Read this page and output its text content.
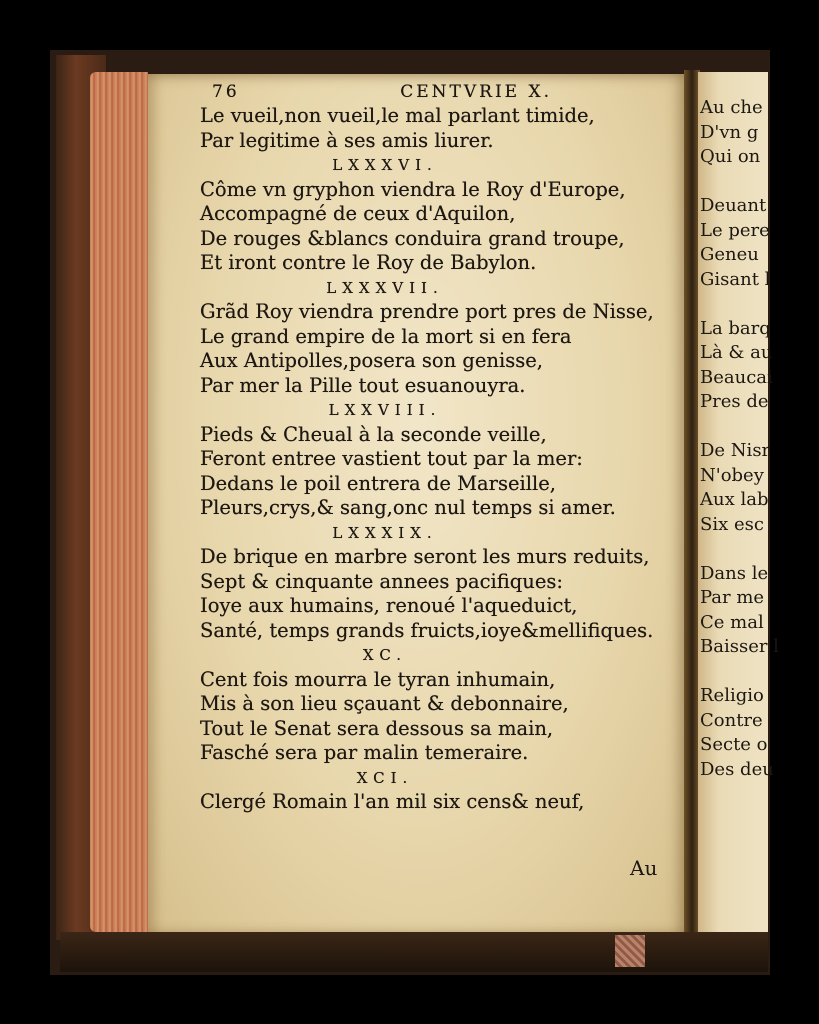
76	CENTVRIE X.
Le vueil,non vueil,le mal parlant timide,
Par legitime à ses amis liurer.
LXXXVI.
Côme vn gryphon viendra le Roy d'Europe,
Accompagné de ceux d'Aquilon,
De rouges &blancs conduira grand troupe,
Et iront contre le Roy de Babylon.
LXXXVII.
Grãd Roy viendra prendre port pres de Nisse,
Le grand empire de la mort si en fera
Aux Antipolles,posera son genisse,
Par mer la Pille tout esuanouyra.
LXXVIII.
Pieds & Cheual à la seconde veille,
Feront entree vastient tout par la mer:
Dedans le poil entrera de Marseille,
Pleurs,crys,& sang,onc nul temps si amer.
LXXXIX.
De brique en marbre seront les murs reduits,
Sept & cinquante annees pacifiques:
Ioye aux humains, renoué l'aqueduict,
Santé, temps grands fruicts,ioye&mellifiques.
XC.
Cent fois mourra le tyran inhumain,
Mis à son lieu sçauant & debonnaire,
Tout le Senat sera dessous sa main,
Fasché sera par malin temeraire.
XCI.
Clergé Romain l'an mil six cens& neuf,
Au
Au che
D'vn g
Qui on
Deuant
Le pere
Geneu
Gisant l
La barq
Là & au
Beaucai
Pres de
De Nisr
N'obey
Aux lab
Six esc
Dans le
Par me
Ce mal
Baisser l
Religio
Contre
Secte o
Des deu
